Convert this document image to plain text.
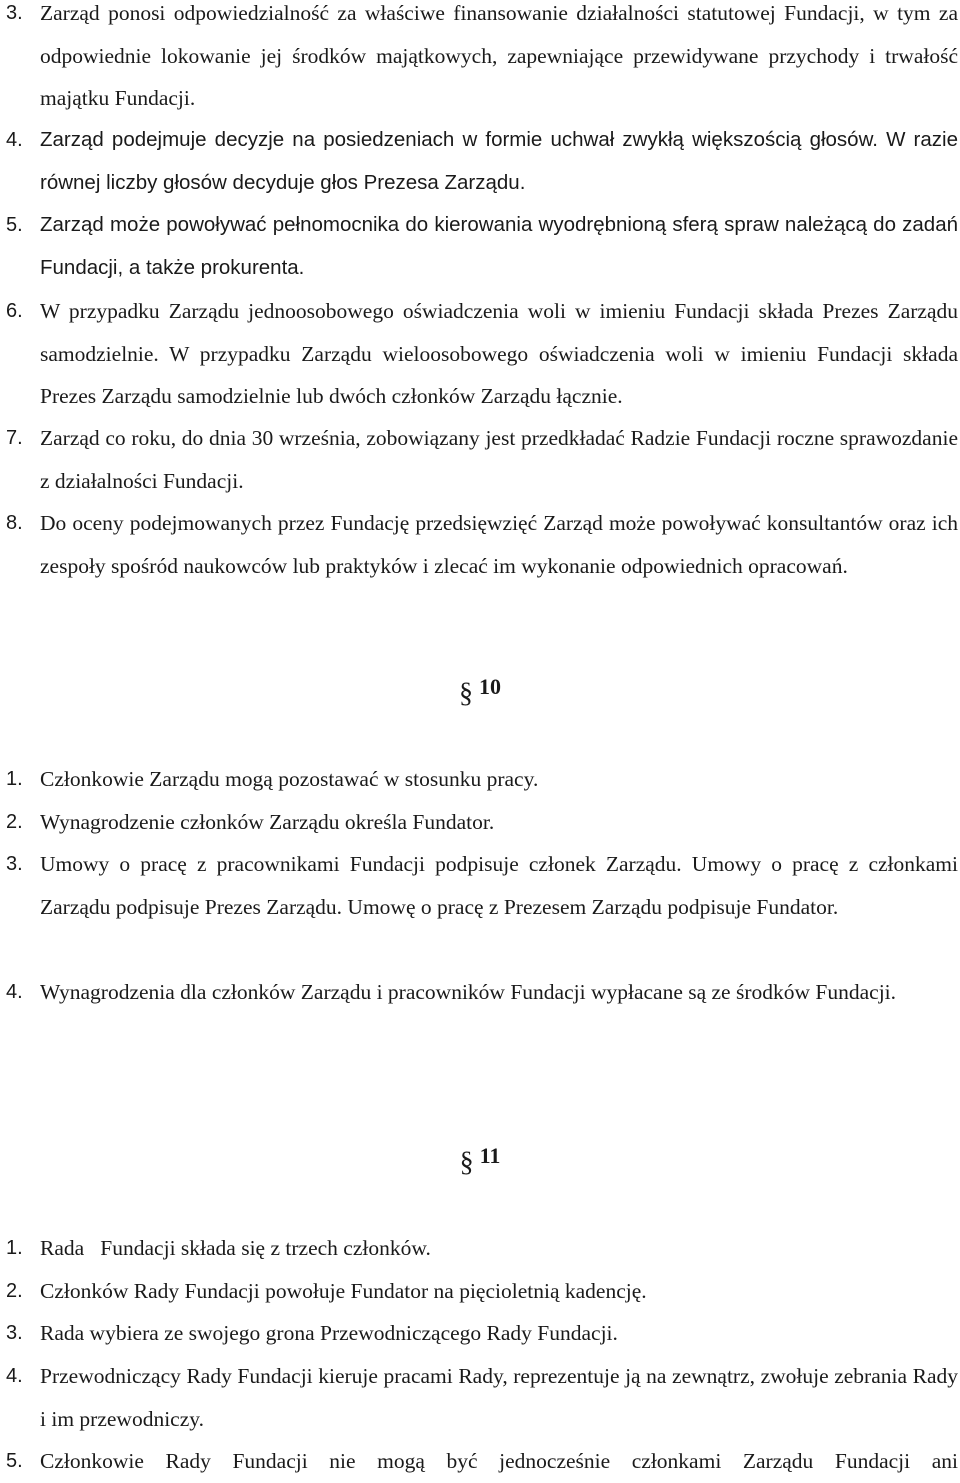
3. Zarząd ponosi odpowiedzialność za właściwe finansowanie działalności statutowej Fundacji, w tym za odpowiednie lokowanie jej środków majątkowych, zapewniające przewidywane przychody i trwałość majątku Fundacji.
4. Zarząd podejmuje decyzje na posiedzeniach w formie uchwał zwykłą większością głosów. W razie równej liczby głosów decyduje głos Prezesa Zarządu.
5. Zarząd może powoływać pełnomocnika do kierowania wyodrębnioną sferą spraw należącą do zadań Fundacji, a także prokurenta.
6. W przypadku Zarządu jednoosobowego oświadczenia woli w imieniu Fundacji składa Prezes Zarządu samodzielnie. W przypadku Zarządu wieloosobowego oświadczenia woli w imieniu Fundacji składa Prezes Zarządu samodzielnie lub dwóch członków Zarządu łącznie.
7. Zarząd co roku, do dnia 30 września, zobowiązany jest przedkładać Radzie Fundacji roczne sprawozdanie z działalności Fundacji.
8. Do oceny podejmowanych przez Fundację przedsięwzięć Zarząd może powoływać konsultantów oraz ich zespoły spośród naukowców lub praktyków i zlecać im wykonanie odpowiednich opracowań.
§ 10
1. Członkowie Zarządu mogą pozostawać w stosunku pracy.
2. Wynagrodzenie członków Zarządu określa Fundator.
3. Umowy o pracę z pracownikami Fundacji podpisuje członek Zarządu. Umowy o pracę z członkami Zarządu podpisuje Prezes Zarządu. Umowę o pracę z Prezesem Zarządu podpisuje Fundator.
4. Wynagrodzenia dla członków Zarządu i pracowników Fundacji wypłacane są ze środków Fundacji.
§ 11
1. Rada   Fundacji składa się z trzech członków.
2. Członków Rady Fundacji powołuje Fundator na pięcioletnią kadencję.
3. Rada wybiera ze swojego grona Przewodniczącego Rady Fundacji.
4. Przewodniczący Rady Fundacji kieruje pracami Rady, reprezentuje ją na zewnątrz, zwołuje zebrania Rady i im przewodniczy.
5. Członkowie Rady Fundacji nie mogą być jednocześnie członkami Zarządu Fundacji ani
